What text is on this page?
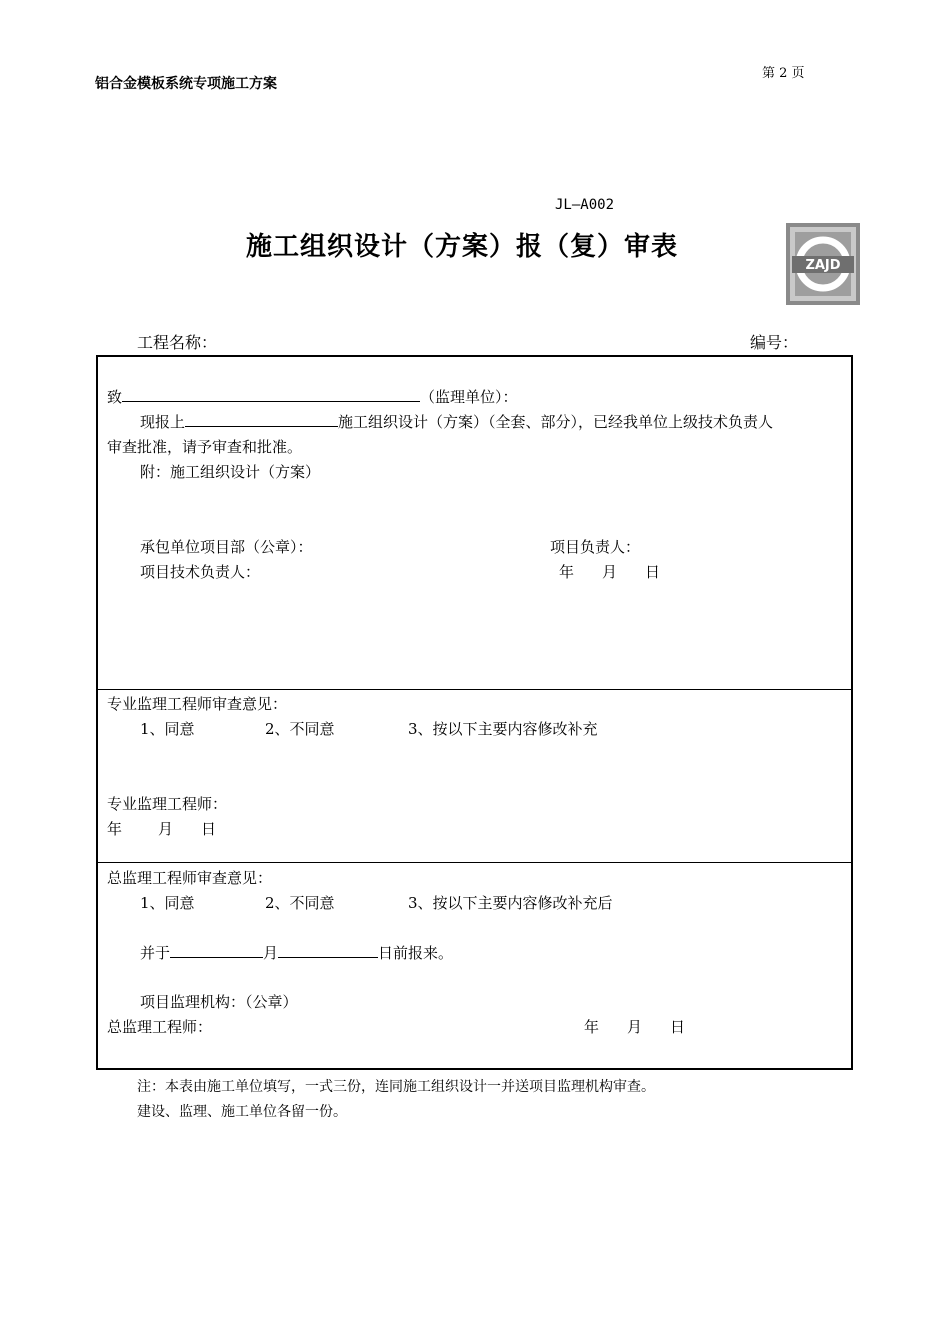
铝合金模板系统专项施工方案
第 2 页
JL—A002
施工组织设计（方案）报（复）审表
ZAJD
工程名称：	编号：
致	（监理单位）：
现报上	施工组织设计（方案）（全套、部分），已经我单位上级技术负责人
审查批准，请予审查和批准。
附：施工组织设计（方案）
承包单位项目部（公章）：	项目负责人：
项目技术负责人：	年 月 日
专业监理工程师审查意见：
1、同意	2、不同意	3、按以下主要内容修改补充
专业监理工程师：
年 月 日
总监理工程师审查意见：
1、同意	2、不同意	3、按以下主要内容修改补充后
并于	月	日前报来。
项目监理机构：（公章）
总监理工程师：	年 月 日
注：本表由施工单位填写，一式三份，连同施工组织设计一并送项目监理机构审查。
建设、监理、施工单位各留一份。
